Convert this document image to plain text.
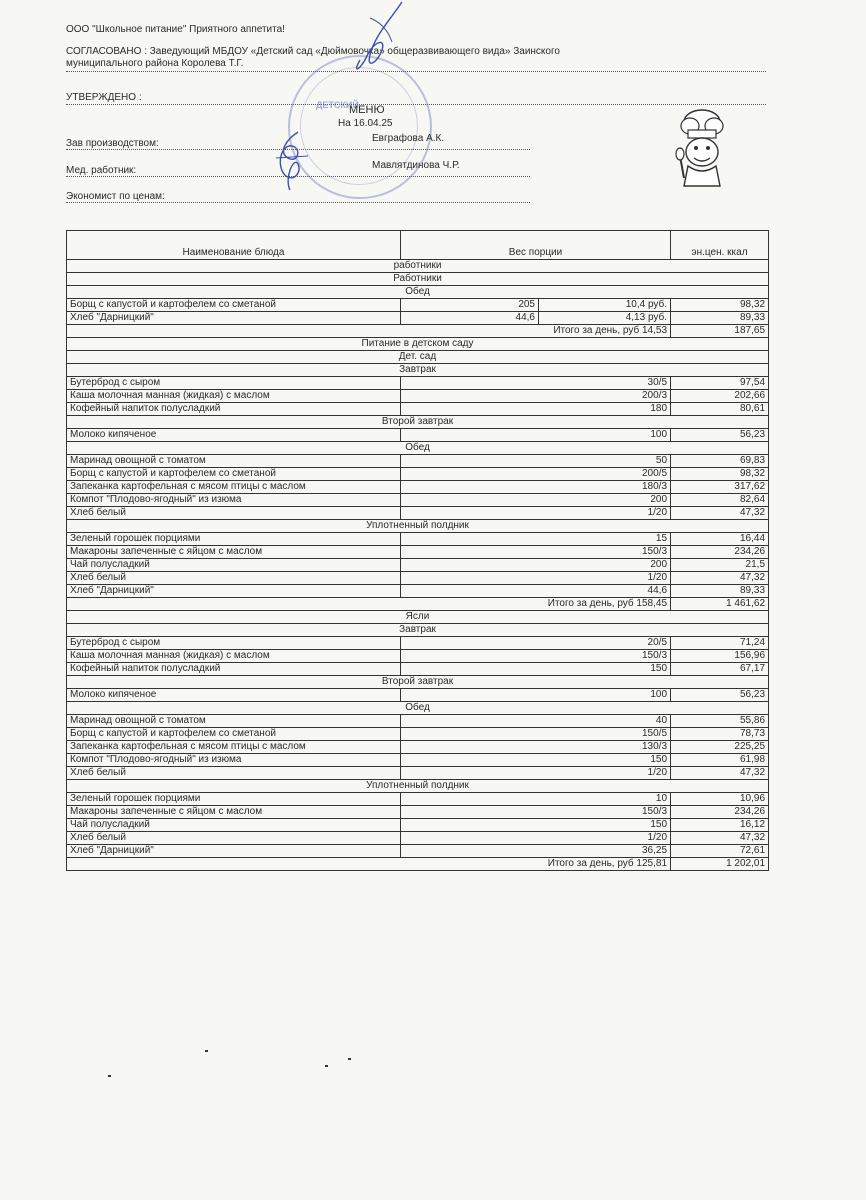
ООО "Школьное питание" Приятного аппетита!
СОГЛАСОВАНО : Заведующий МБДОУ «Детский сад «Дюймовочка» общеразвивающего вида» Заинского
муниципального района Королева Т.Г.
УТВЕРЖДЕНО :
ДЕТСКИЙ
МЕНЮ
На 16.04.25
Зав производством:	Евграфова А.К.
Мед. работник:	Мавлятдинова Ч.Р.
Экономист по ценам:
Наименование блюда	Вес порции		эн.цен. ккал
работники			
Работники			
Обед			
Борщ с капустой и картофелем со сметаной	205	10,4 руб.	98,32
Хлеб "Дарницкий"	44,6	4,13 руб.	89,33
Итого за день, руб 14,53			187,65
Питание в детском саду			
Дет. сад			
Завтрак			
Бутерброд с сыром	30/5		97,54
Каша молочная манная (жидкая) с маслом	200/3		202,66
Кофейный напиток полусладкий	180		80,61
Второй завтрак			
Молоко кипяченое	100		56,23
Обед			
Маринад овощной с томатом	50		69,83
Борщ с капустой и картофелем со сметаной	200/5		98,32
Запеканка картофельная с мясом птицы с маслом	180/3		317,62
Компот "Плодово-ягодный" из изюма	200		82,64
Хлеб белый	1/20		47,32
Уплотненный полдник			
Зеленый горошек порциями	15		16,44
Макароны запеченные с яйцом с маслом	150/3		234,26
Чай полусладкий	200		21,5
Хлеб белый	1/20		47,32
Хлеб "Дарницкий"	44,6		89,33
Итого за день, руб 158,45			1 461,62
Ясли			
Завтрак			
Бутерброд с сыром	20/5		71,24
Каша молочная манная (жидкая) с маслом	150/3		156,96
Кофейный напиток полусладкий	150		67,17
Второй завтрак			
Молоко кипяченое	100		56,23
Обед			
Маринад овощной с томатом	40		55,86
Борщ с капустой и картофелем со сметаной	150/5		78,73
Запеканка картофельная с мясом птицы с маслом	130/3		225,25
Компот "Плодово-ягодный" из изюма	150		61,98
Хлеб белый	1/20		47,32
Уплотненный полдник			
Зеленый горошек порциями	10		10,96
Макароны запеченные с яйцом с маслом	150/3		234,26
Чай полусладкий	150		16,12
Хлеб белый	1/20		47,32
Хлеб "Дарницкий"	36,25		72,61
Итого за день, руб 125,81			1 202,01
